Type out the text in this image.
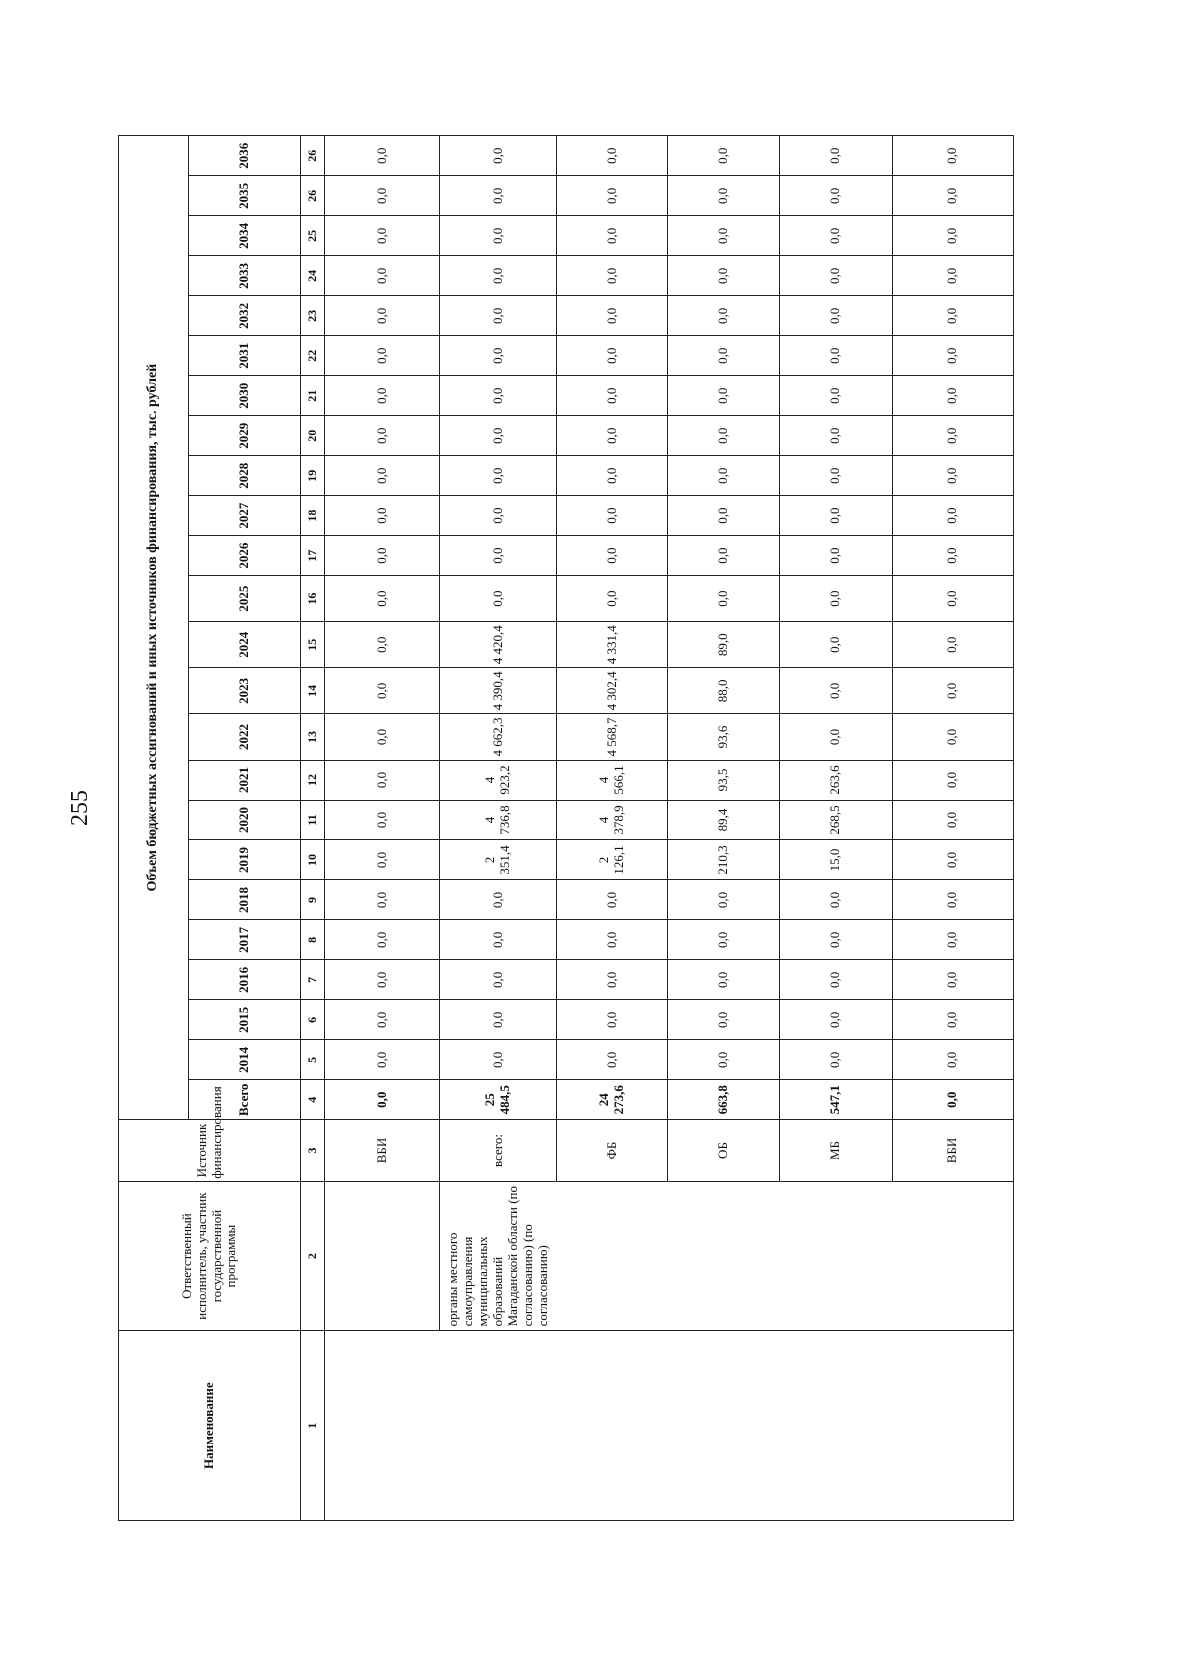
255
Наименование	Ответственный исполнитель, участник государственной программы	Источник финансирования	Объем бюджетных ассигнований и иных источников финансирования, тыс. рублей																							
			Всего	2014	2015	2016	2017	2018	2019	2020	2021	2022	2023	2024	2025	2026	2027	2028	2029	2030	2031	2032	2033	2034	2035	2036
1	2	3	4	5	6	7	8	9	10	11	12	13	14	15	16	17	18	19	20	21	22	23	24	25	26	26
		ВБИ	0,0	0,0	0,0	0,0	0,0	0,0	0,0	0,0	0,0	0,0	0,0	0,0	0,0	0,0	0,0	0,0	0,0	0,0	0,0	0,0	0,0	0,0	0,0	0,0
	органы местного самоуправления муниципальных образований Магаданской области (по согласованию) (по согласованию)	всего:	25 484,5	0,0	0,0	0,0	0,0	0,0	2 351,4	4 736,8	4 923,2	4 662,3	4 390,4	4 420,4	0,0	0,0	0,0	0,0	0,0	0,0	0,0	0,0	0,0	0,0	0,0	0,0
		ФБ	24 273,6	0,0	0,0	0,0	0,0	0,0	2 126,1	4 378,9	4 566,1	4 568,7	4 302,4	4 331,4	0,0	0,0	0,0	0,0	0,0	0,0	0,0	0,0	0,0	0,0	0,0	0,0
		ОБ	663,8	0,0	0,0	0,0	0,0	0,0	210,3	89,4	93,5	93,6	88,0	89,0	0,0	0,0	0,0	0,0	0,0	0,0	0,0	0,0	0,0	0,0	0,0	0,0
		МБ	547,1	0,0	0,0	0,0	0,0	0,0	15,0	268,5	263,6	0,0	0,0	0,0	0,0	0,0	0,0	0,0	0,0	0,0	0,0	0,0	0,0	0,0	0,0	0,0
		ВБИ	0,0	0,0	0,0	0,0	0,0	0,0	0,0	0,0	0,0	0,0	0,0	0,0	0,0	0,0	0,0	0,0	0,0	0,0	0,0	0,0	0,0	0,0	0,0	0,0
